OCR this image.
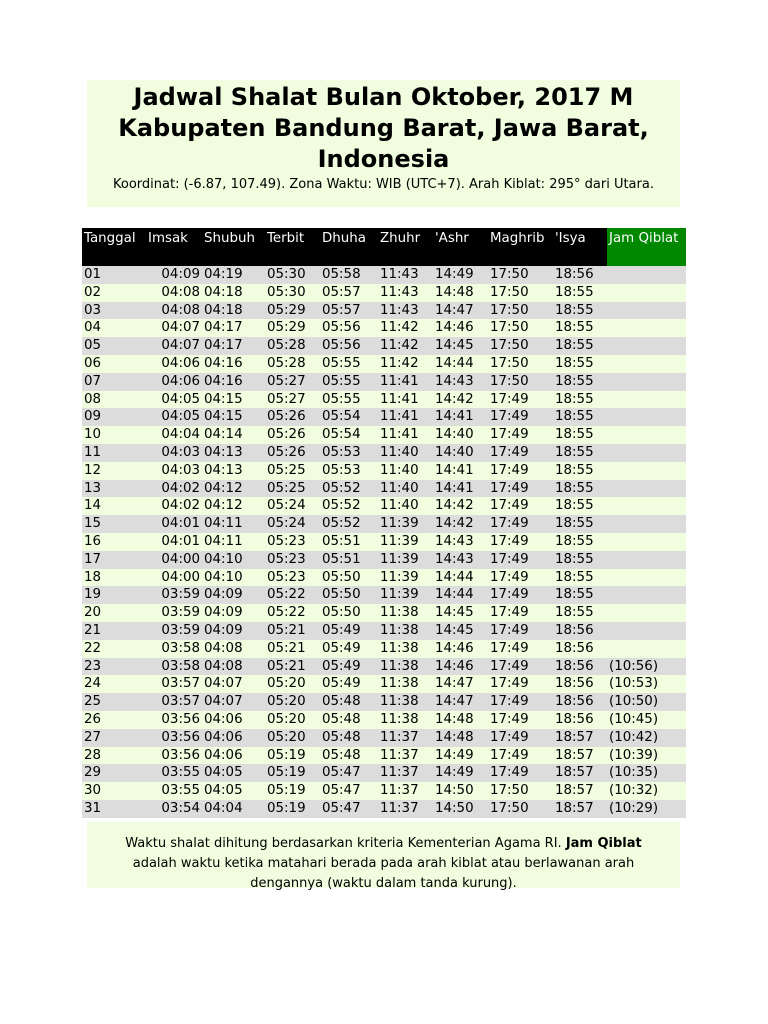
Jadwal Shalat Bulan Oktober, 2017 M
Kabupaten Bandung Barat, Jawa Barat,
Indonesia
Koordinat: (-6.87, 107.49). Zona Waktu: WIB (UTC+7). Arah Kiblat: 295° dari Utara.
Tanggal	Imsak	Shubuh	Terbit	Dhuha	Zhuhr	'Ashr	Maghrib	'Isya	Jam Qiblat
01	04:09	04:19	05:30	05:58	11:43	14:49	17:50	18:56	
02	04:08	04:18	05:30	05:57	11:43	14:48	17:50	18:55	
03	04:08	04:18	05:29	05:57	11:43	14:47	17:50	18:55	
04	04:07	04:17	05:29	05:56	11:42	14:46	17:50	18:55	
05	04:07	04:17	05:28	05:56	11:42	14:45	17:50	18:55	
06	04:06	04:16	05:28	05:55	11:42	14:44	17:50	18:55	
07	04:06	04:16	05:27	05:55	11:41	14:43	17:50	18:55	
08	04:05	04:15	05:27	05:55	11:41	14:42	17:49	18:55	
09	04:05	04:15	05:26	05:54	11:41	14:41	17:49	18:55	
10	04:04	04:14	05:26	05:54	11:41	14:40	17:49	18:55	
11	04:03	04:13	05:26	05:53	11:40	14:40	17:49	18:55	
12	04:03	04:13	05:25	05:53	11:40	14:41	17:49	18:55	
13	04:02	04:12	05:25	05:52	11:40	14:41	17:49	18:55	
14	04:02	04:12	05:24	05:52	11:40	14:42	17:49	18:55	
15	04:01	04:11	05:24	05:52	11:39	14:42	17:49	18:55	
16	04:01	04:11	05:23	05:51	11:39	14:43	17:49	18:55	
17	04:00	04:10	05:23	05:51	11:39	14:43	17:49	18:55	
18	04:00	04:10	05:23	05:50	11:39	14:44	17:49	18:55	
19	03:59	04:09	05:22	05:50	11:39	14:44	17:49	18:55	
20	03:59	04:09	05:22	05:50	11:38	14:45	17:49	18:55	
21	03:59	04:09	05:21	05:49	11:38	14:45	17:49	18:56	
22	03:58	04:08	05:21	05:49	11:38	14:46	17:49	18:56	
23	03:58	04:08	05:21	05:49	11:38	14:46	17:49	18:56	(10:56)
24	03:57	04:07	05:20	05:49	11:38	14:47	17:49	18:56	(10:53)
25	03:57	04:07	05:20	05:48	11:38	14:47	17:49	18:56	(10:50)
26	03:56	04:06	05:20	05:48	11:38	14:48	17:49	18:56	(10:45)
27	03:56	04:06	05:20	05:48	11:37	14:48	17:49	18:57	(10:42)
28	03:56	04:06	05:19	05:48	11:37	14:49	17:49	18:57	(10:39)
29	03:55	04:05	05:19	05:47	11:37	14:49	17:49	18:57	(10:35)
30	03:55	04:05	05:19	05:47	11:37	14:50	17:50	18:57	(10:32)
31	03:54	04:04	05:19	05:47	11:37	14:50	17:50	18:57	(10:29)
Waktu shalat dihitung berdasarkan kriteria Kementerian Agama RI. Jam Qiblat adalah waktu ketika matahari berada pada arah kiblat atau berlawanan arah dengannya (waktu dalam tanda kurung).
